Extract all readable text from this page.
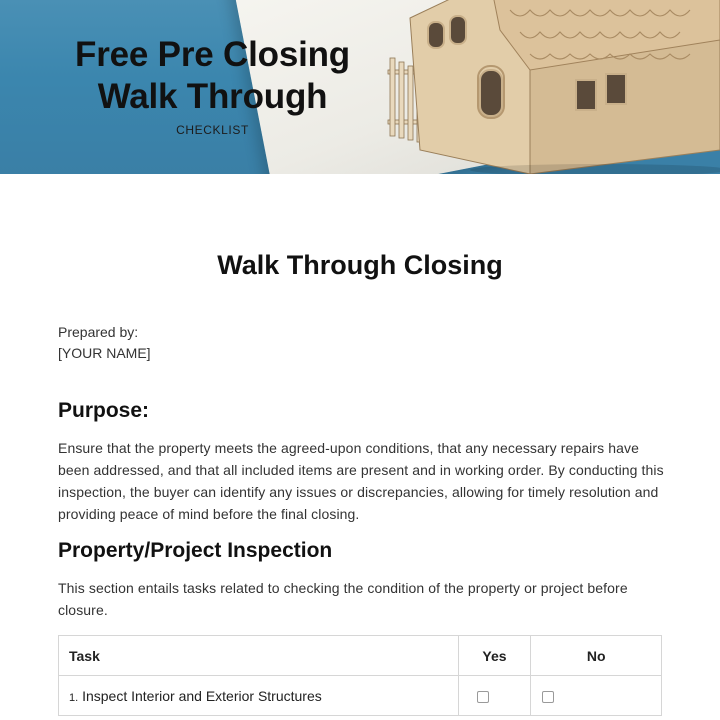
Free Pre Closing
Walk Through
CHECKLIST
Walk Through Closing
Prepared by:
[YOUR NAME]
Purpose:
Ensure that the property meets the agreed-upon conditions, that any necessary repairs have been addressed, and that all included items are present and in working order. By conducting this inspection, the buyer can identify any issues or discrepancies, allowing for timely resolution and providing peace of mind before the final closing.
Property/Project Inspection
This section entails tasks related to checking the condition of the property or project before closure.
Task	Yes	No
1. Inspect Interior and Exterior Structures		
